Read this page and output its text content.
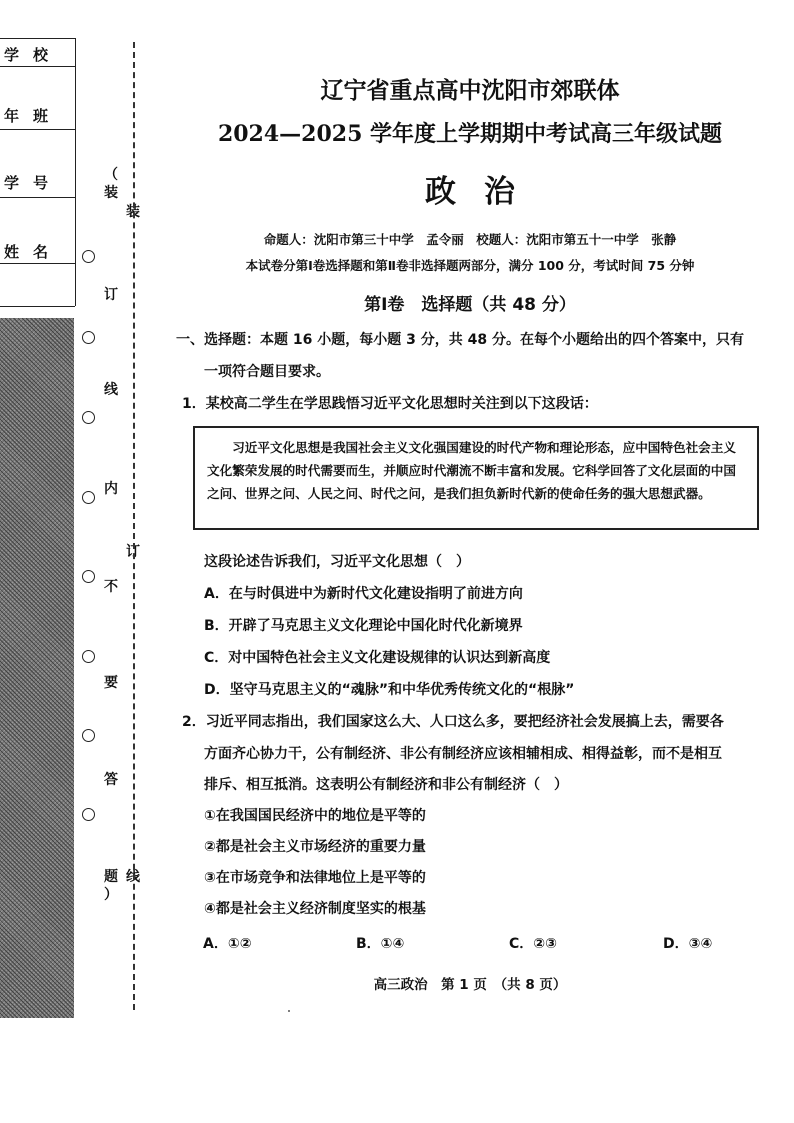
学校
年班
学号
姓名
（
装
订
线
内
不
要
答
题
）
装
订
线
辽宁省重点高中沈阳市郊联体
2024—2025 学年度上学期期中考试高三年级试题
政治
命题人：沈阳市第三十中学　孟令丽　校题人：沈阳市第五十一中学　张静
本试卷分第Ⅰ卷选择题和第Ⅱ卷非选择题两部分，满分 100 分，考试时间 75 分钟
第Ⅰ卷　选择题（共 48 分）
一、选择题：本题 16 小题，每小题 3 分，共 48 分。在每个小题给出的四个答案中，只有
一项符合题目要求。
1．某校高二学生在学思践悟习近平文化思想时关注到以下这段话：
习近平文化思想是我国社会主义文化强国建设的时代产物和理论形态，应中国特色社会主义文化繁荣发展的时代需要而生，并顺应时代潮流不断丰富和发展。它科学回答了文化层面的中国之问、世界之问、人民之问、时代之问，是我们担负新时代新的使命任务的强大思想武器。
这段论述告诉我们，习近平文化思想（　）
A．在与时俱进中为新时代文化建设指明了前进方向
B．开辟了马克思主义文化理论中国化时代化新境界
C．对中国特色社会主义文化建设规律的认识达到新高度
D．坚守马克思主义的“魂脉”和中华优秀传统文化的“根脉”
2．习近平同志指出，我们国家这么大、人口这么多，要把经济社会发展搞上去，需要各
方面齐心协力干，公有制经济、非公有制经济应该相辅相成、相得益彰，而不是相互
排斥、相互抵消。这表明公有制经济和非公有制经济（　）
①在我国国民经济中的地位是平等的
②都是社会主义市场经济的重要力量
③在市场竞争和法律地位上是平等的
④都是社会主义经济制度坚实的根基
A．①②	B．①④	C．②③	D．③④
高三政治　第 1 页　（共 8 页）
